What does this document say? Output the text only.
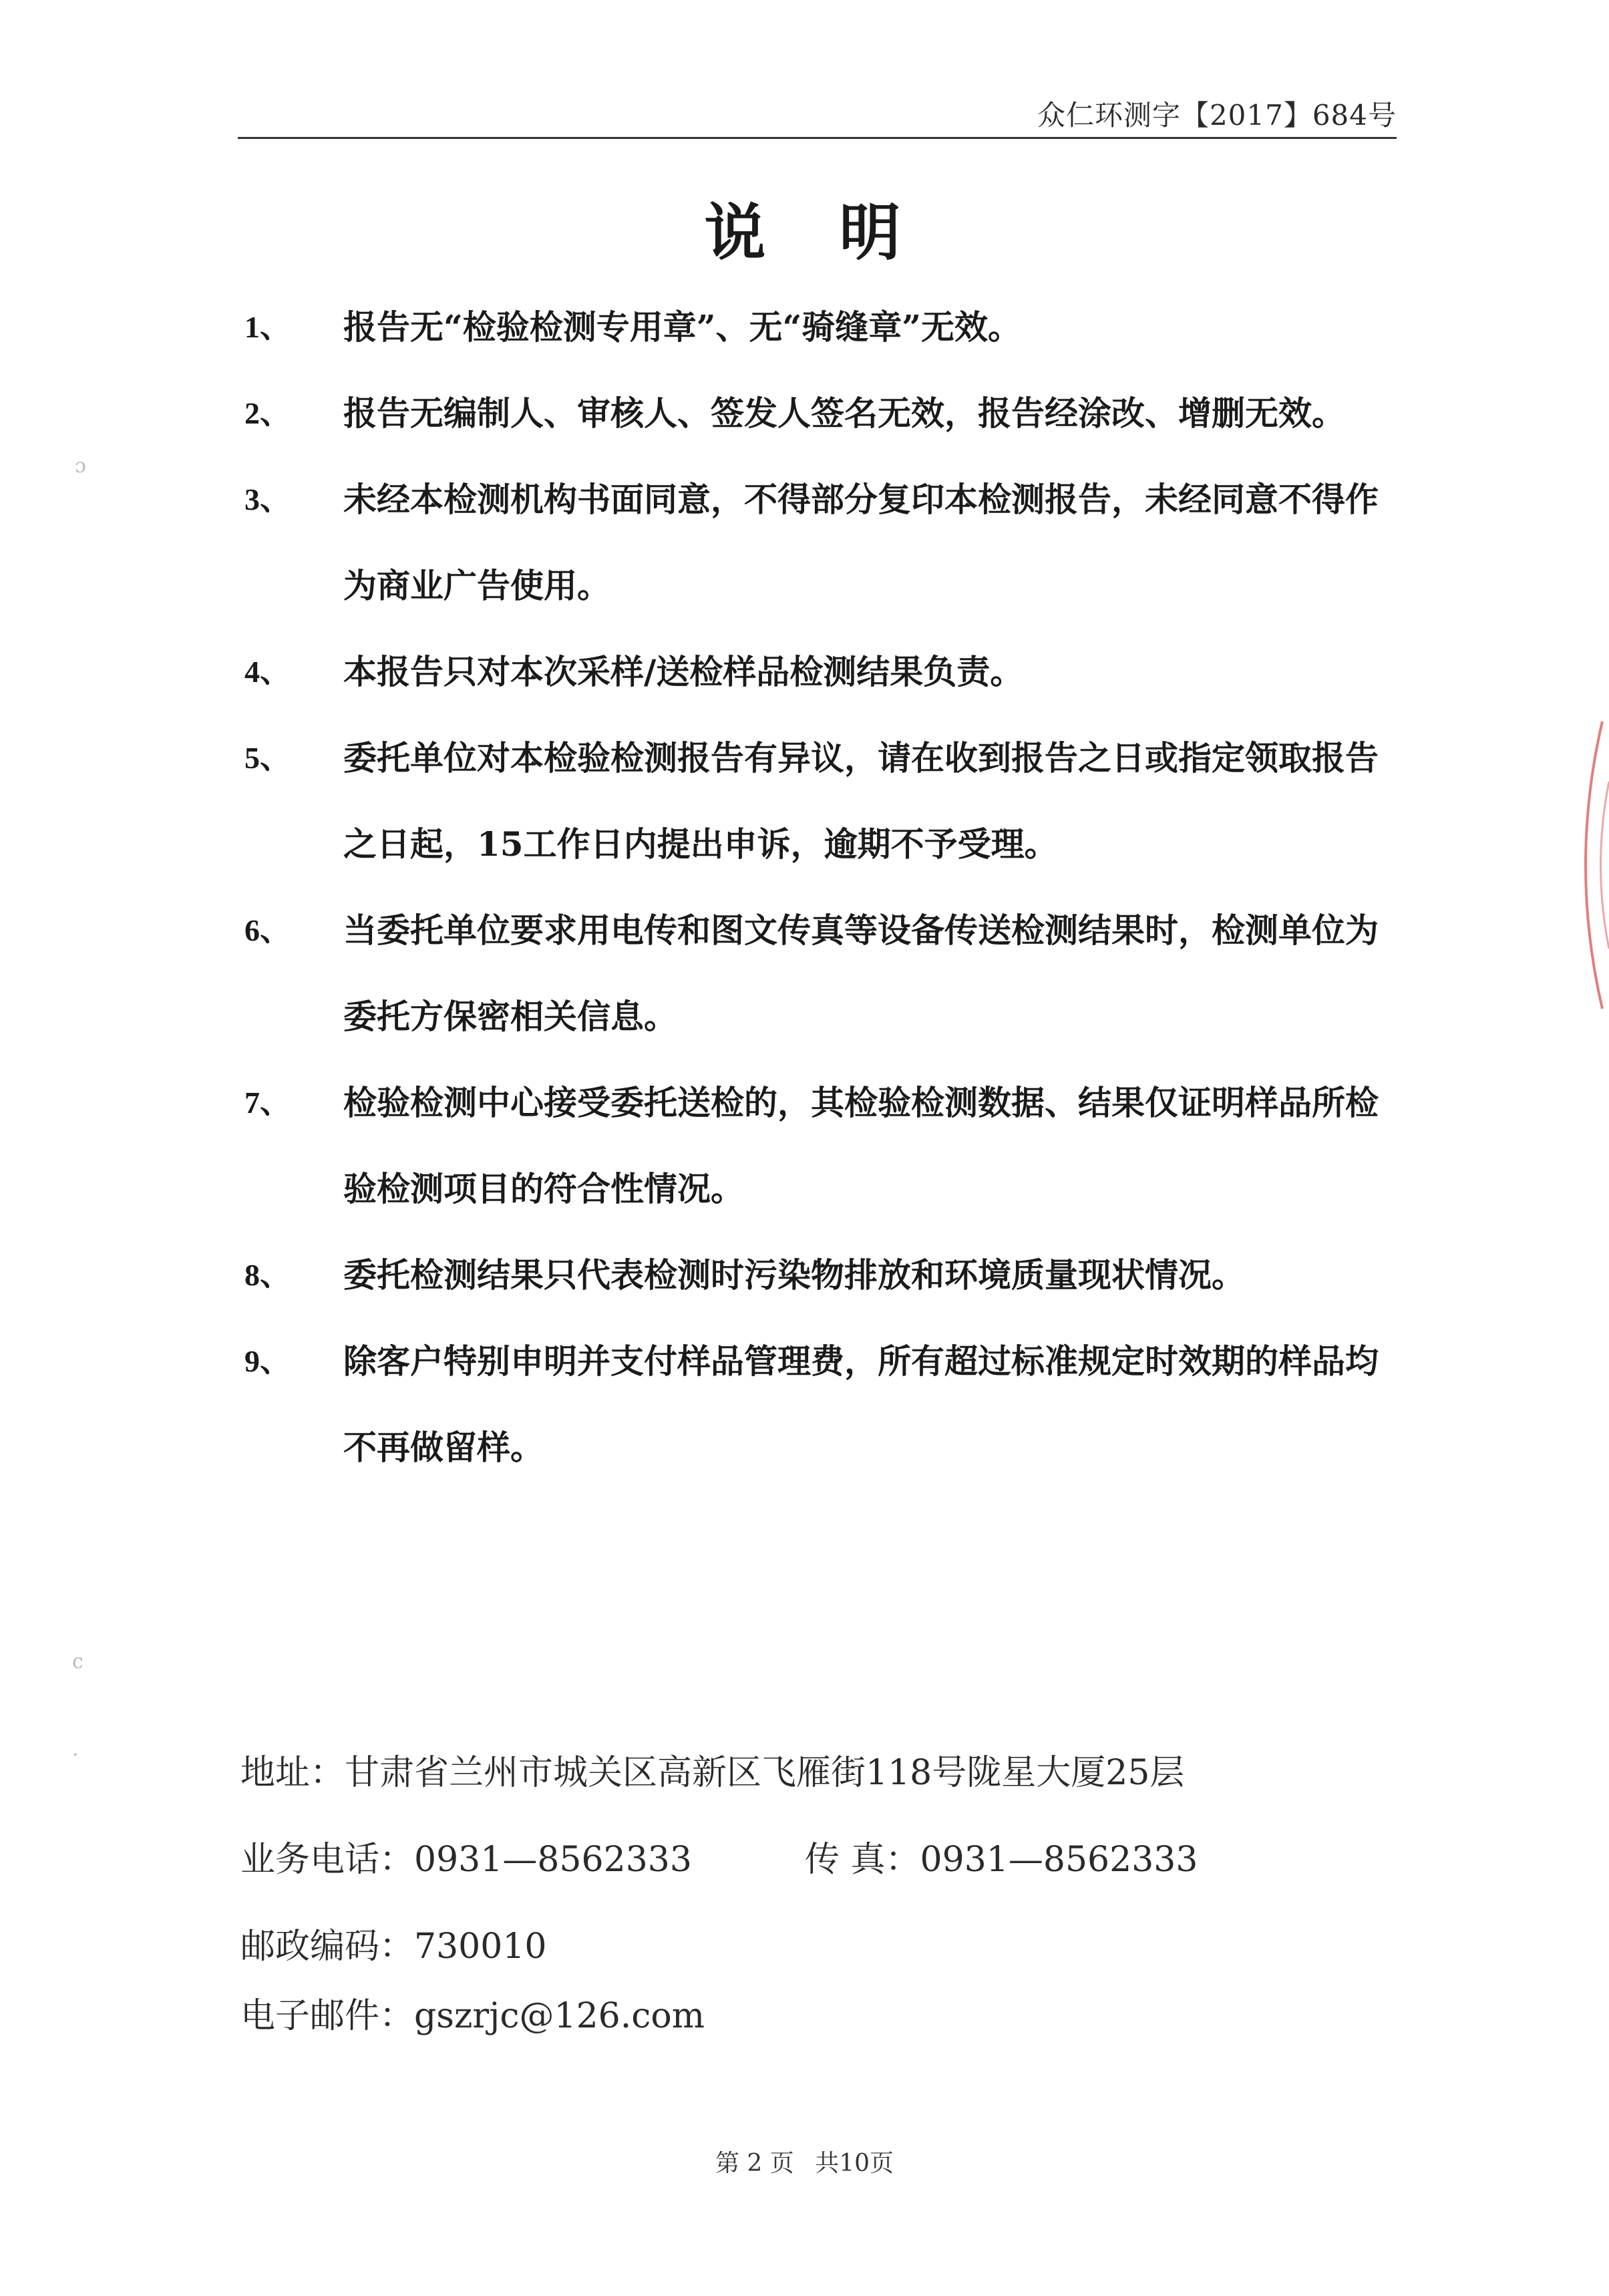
众仁环测字【2017】684号
说 明
1、 报告无“检验检测专用章”、无“骑缝章”无效。
2、 报告无编制人、审核人、签发人签名无效，报告经涂改、增删无效。
3、 未经本检测机构书面同意，不得部分复印本检测报告，未经同意不得作为商业广告使用。
4、 本报告只对本次采样/送检样品检测结果负责。
5、 委托单位对本检验检测报告有异议，请在收到报告之日或指定领取报告之日起，15工作日内提出申诉，逾期不予受理。
6、 当委托单位要求用电传和图文传真等设备传送检测结果时，检测单位为委托方保密相关信息。
7、 检验检测中心接受委托送检的，其检验检测数据、结果仅证明样品所检验检测项目的符合性情况。
8、 委托检测结果只代表检测时污染物排放和环境质量现状情况。
9、 除客户特别申明并支付样品管理费，所有超过标准规定时效期的样品均不再做留样。
地址：甘肃省兰州市城关区高新区飞雁街118号陇星大厦25层
业务电话：0931—8562333	传 真：0931—8562333
邮政编码：730010
电子邮件：gszrjc@126.com
第 2 页 共10页
ɔ
c
·
